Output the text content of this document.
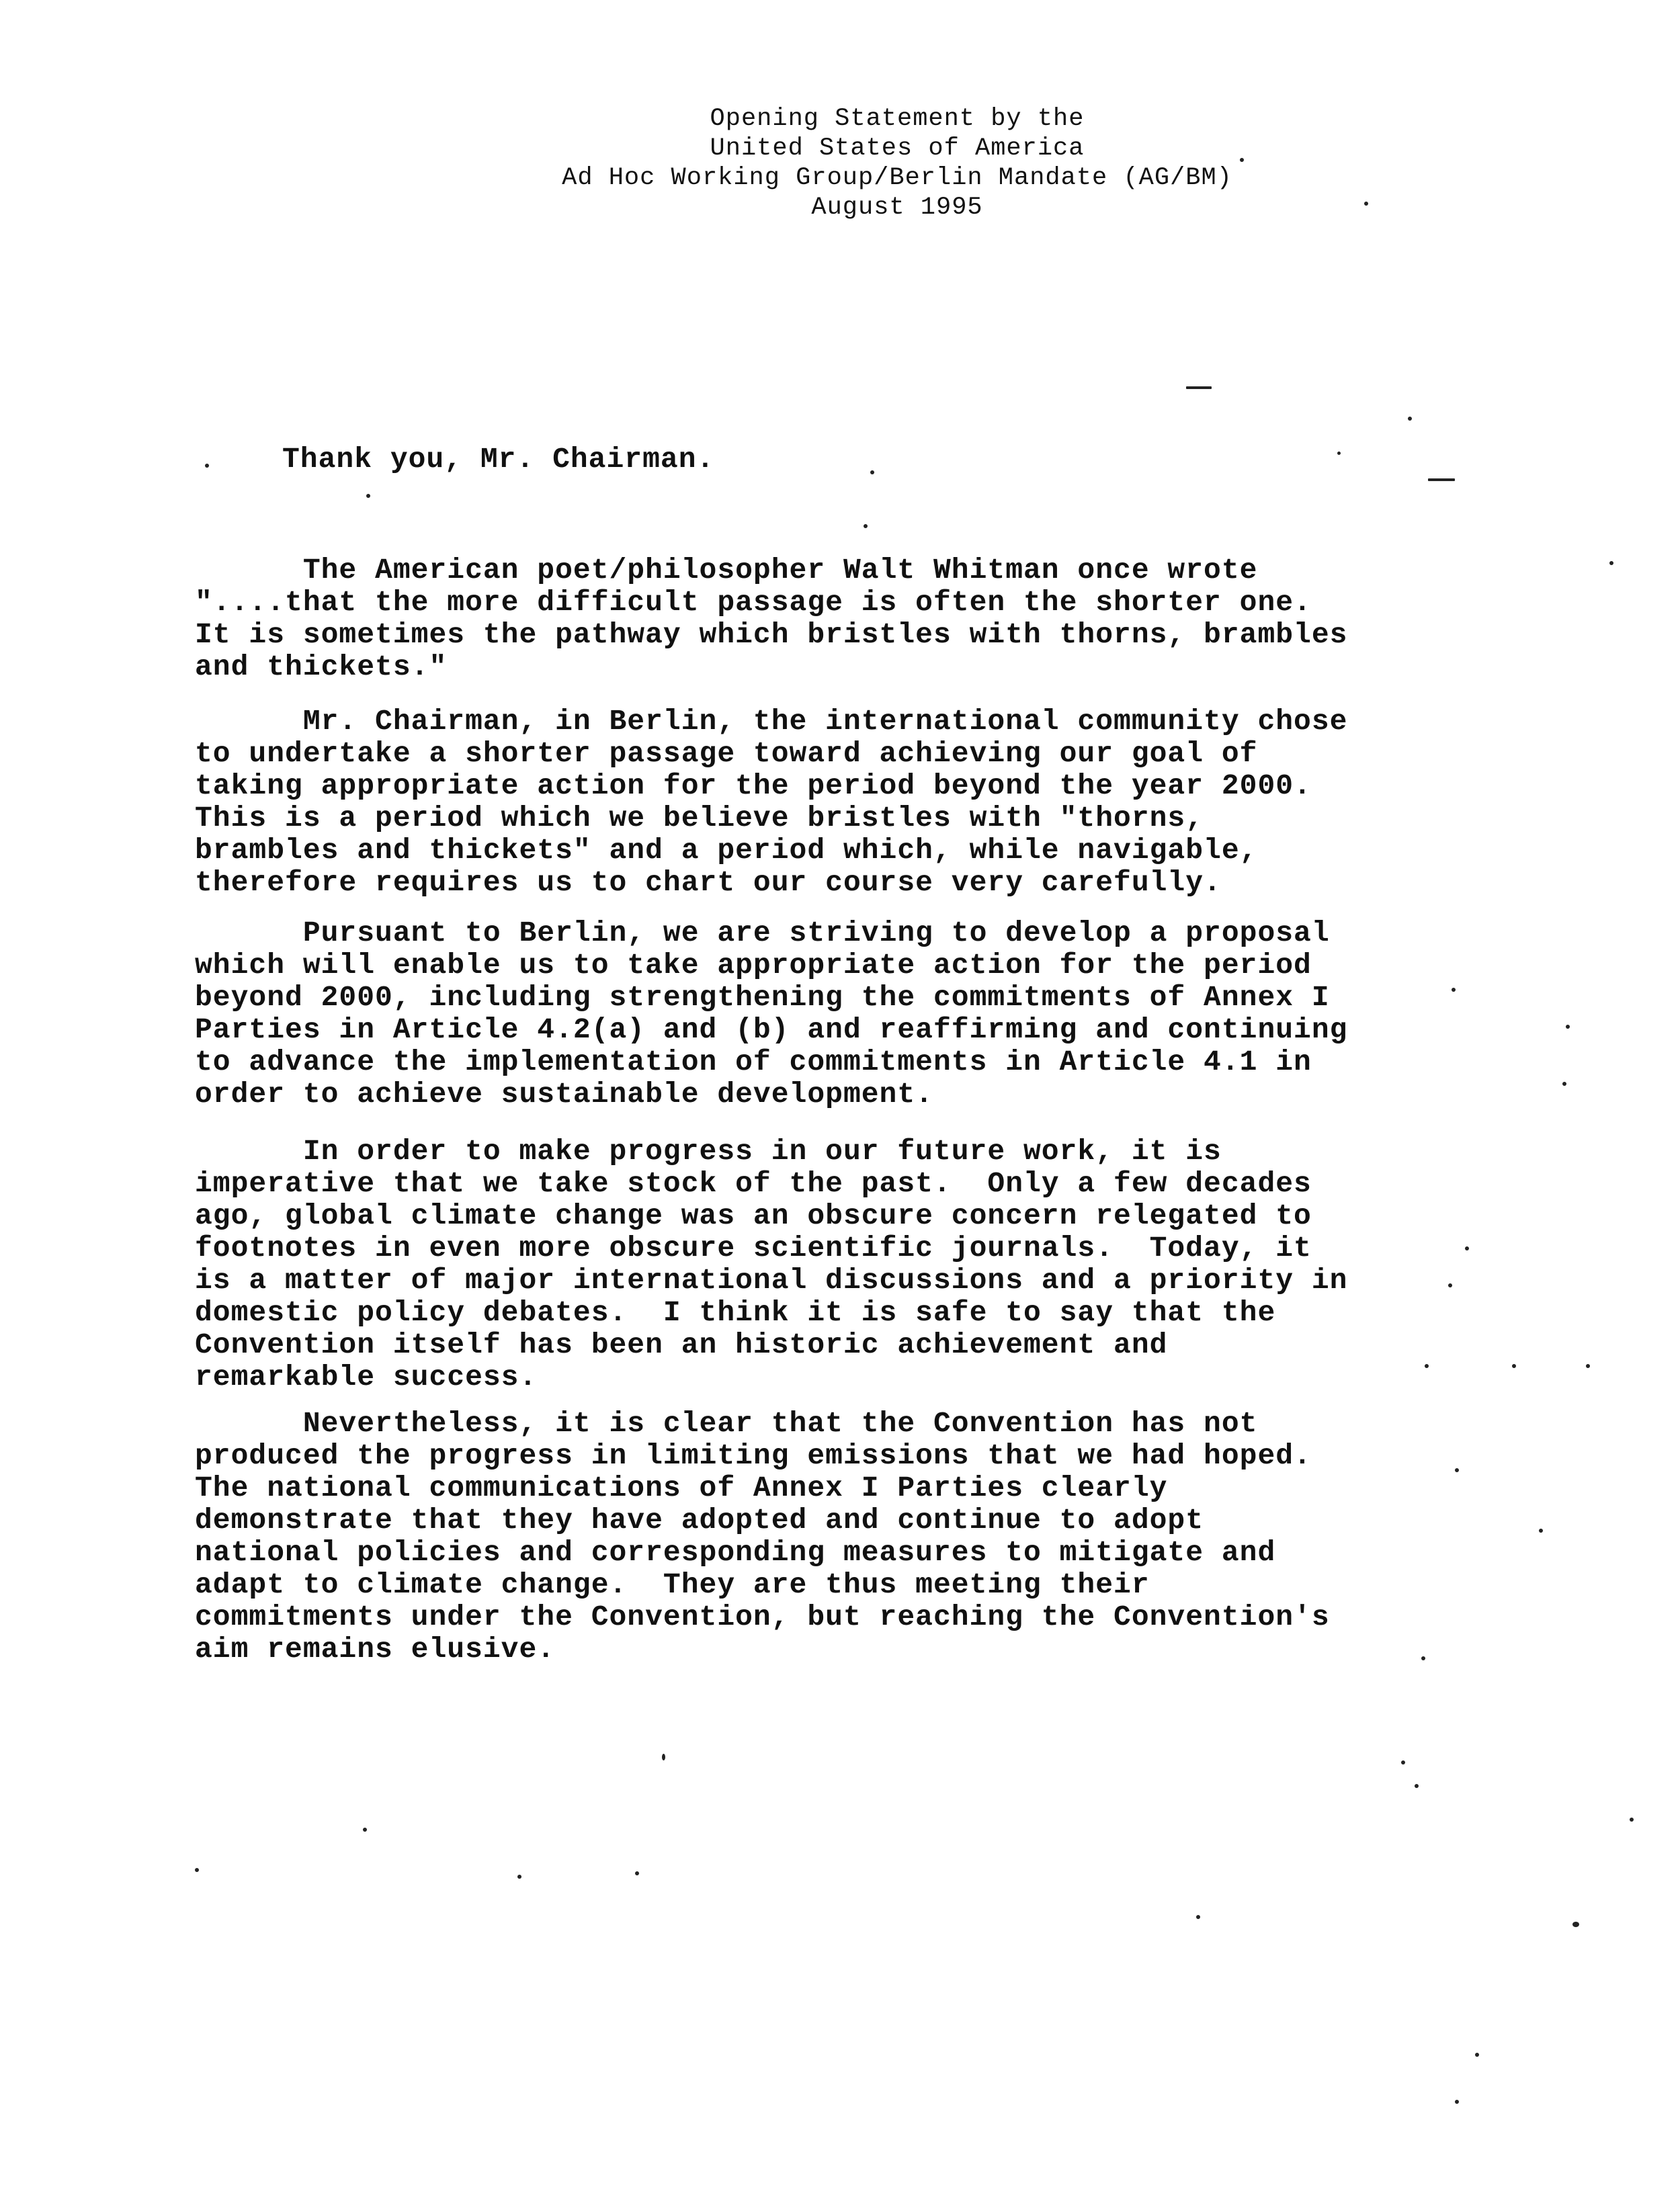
Opening Statement by the
United States of America
Ad Hoc Working Group/Berlin Mandate (AG/BM)
August 1995
Thank you, Mr. Chairman.
The American poet/philosopher Walt Whitman once wrote
"....that the more difficult passage is often the shorter one.
It is sometimes the pathway which bristles with thorns, brambles
and thickets."
Mr. Chairman, in Berlin, the international community chose
to undertake a shorter passage toward achieving our goal of
taking appropriate action for the period beyond the year 2000.
This is a period which we believe bristles with "thorns,
brambles and thickets" and a period which, while navigable,
therefore requires us to chart our course very carefully.
Pursuant to Berlin, we are striving to develop a proposal
which will enable us to take appropriate action for the period
beyond 2000, including strengthening the commitments of Annex I
Parties in Article 4.2(a) and (b) and reaffirming and continuing
to advance the implementation of commitments in Article 4.1 in
order to achieve sustainable development.
In order to make progress in our future work, it is
imperative that we take stock of the past.  Only a few decades
ago, global climate change was an obscure concern relegated to
footnotes in even more obscure scientific journals.  Today, it
is a matter of major international discussions and a priority in
domestic policy debates.  I think it is safe to say that the
Convention itself has been an historic achievement and
remarkable success.
Nevertheless, it is clear that the Convention has not
produced the progress in limiting emissions that we had hoped.
The national communications of Annex I Parties clearly
demonstrate that they have adopted and continue to adopt
national policies and corresponding measures to mitigate and
adapt to climate change.  They are thus meeting their
commitments under the Convention, but reaching the Convention's
aim remains elusive.
